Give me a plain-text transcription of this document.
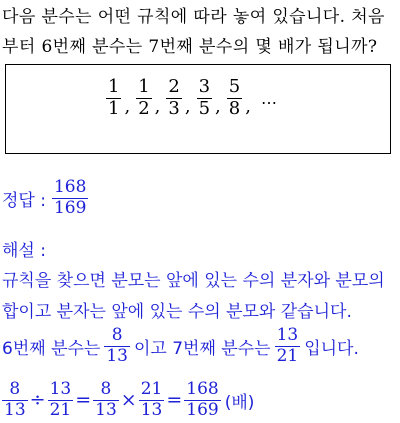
다음 분수는 어떤 규칙에 따라 놓여 있습니다. 처음
부터 6번째 분수는 7번째 분수의 몇 배가 됩니까?
$\frac{1}{1}$ , $\frac{1}{2}$ , $\frac{2}{3}$ , $\frac{3}{5}$ , $\frac{5}{8}$ , ⋯
정답 : $\frac{168}{169}$
해설 :
규칙을 찾으면 분모는 앞에 있는 수의 분자와 분모의
합이고 분자는 앞에 있는 수의 분모와 같습니다.
6번째 분수는 $\frac{8}{13}$ 이고 7번째 분수는 $\frac{13}{21}$ 입니다.
$\frac{8}{13} \div \frac{13}{21} = \frac{8}{13} \times \frac{21}{13} = \frac{168}{169}$ (배)
